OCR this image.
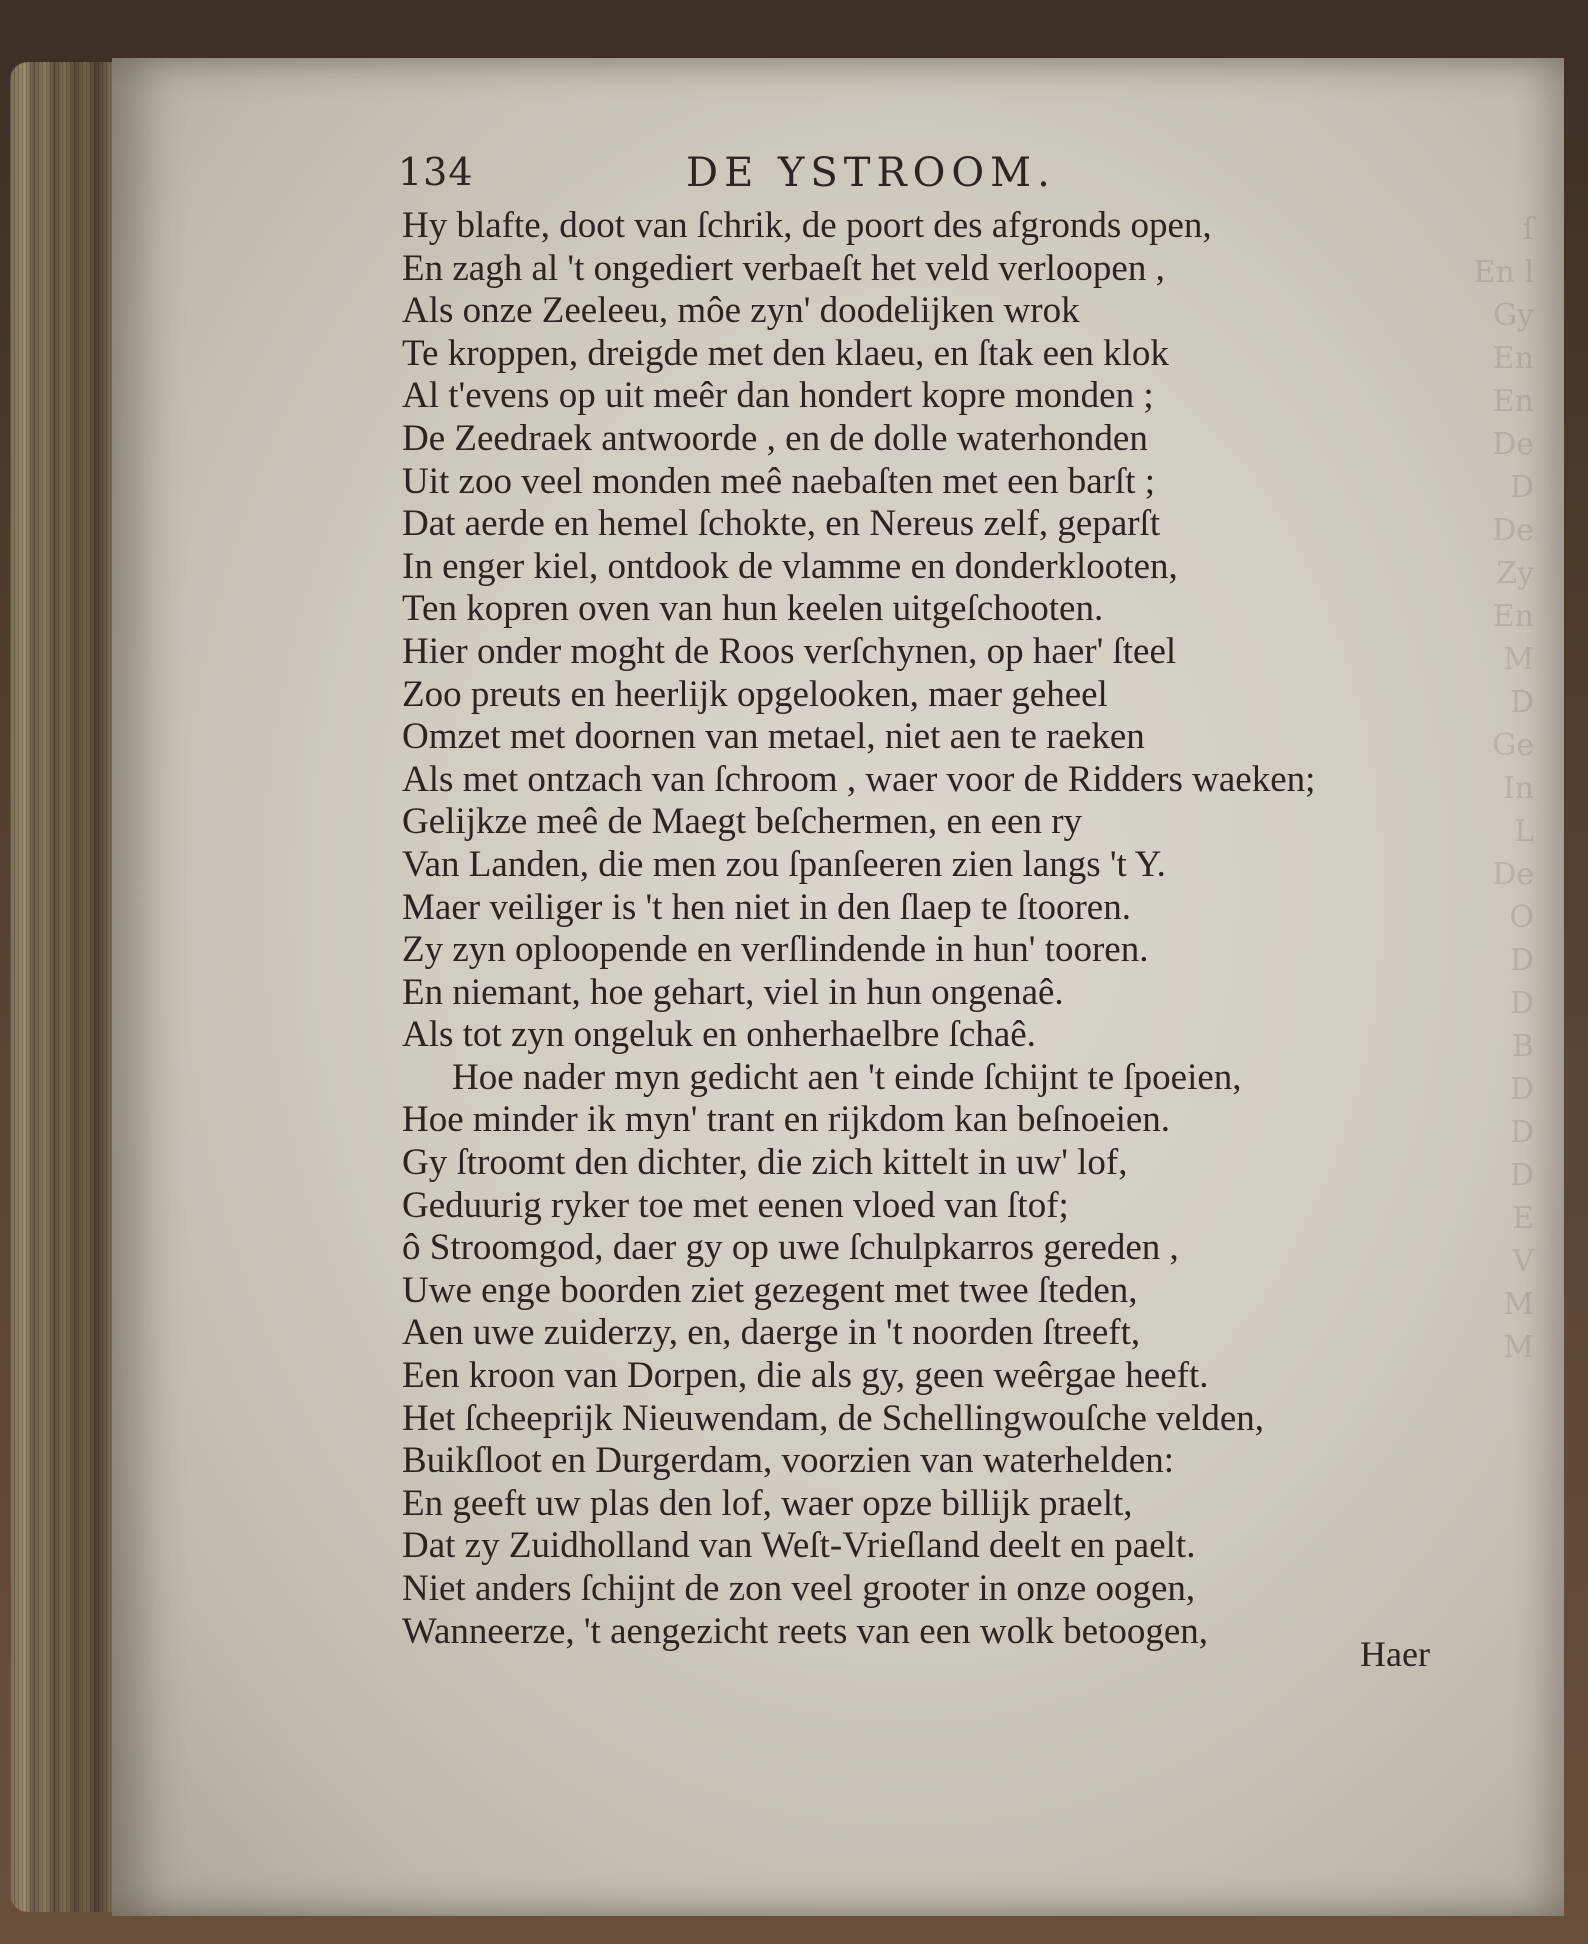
ſ
En l
Gy
En
En
De
D
De
Zy
En
M
D
Ge
In
L
De
O
D
D
B
D
D
D
E
V
M
M
134	DE YSTROOM.
Hy blafte, doot van ſchrik, de poort des afgronds open,
En zagh al 't ongediert verbaeſt het veld verloopen ,
Als onze Zeeleeu, môe zyn' doodelijken wrok
Te kroppen, dreigde met den klaeu, en ſtak een klok
Al t'evens op uit meêr dan hondert kopre monden ;
De Zeedraek antwoorde , en de dolle waterhonden
Uit zoo veel monden meê naebaſten met een barſt ;
Dat aerde en hemel ſchokte, en Nereus zelf, geparſt
In enger kiel, ontdook de vlamme en donderklooten,
Ten kopren oven van hun keelen uitgeſchooten.
Hier onder moght de Roos verſchynen, op haer' ſteel
Zoo preuts en heerlijk opgelooken, maer geheel
Omzet met doornen van metael, niet aen te raeken
Als met ontzach van ſchroom , waer voor de Ridders waeken;
Gelijkze meê de Maegt beſchermen, en een ry
Van Landen, die men zou ſpanſeeren zien langs 't Y.
Maer veiliger is 't hen niet in den ſlaep te ſtooren.
Zy zyn oploopende en verſlindende in hun' tooren.
En niemant, hoe gehart, viel in hun ongenaê.
Als tot zyn ongeluk en onherhaelbre ſchaê.
Hoe nader myn gedicht aen 't einde ſchijnt te ſpoeien,
Hoe minder ik myn' trant en rijkdom kan beſnoeien.
Gy ſtroomt den dichter, die zich kittelt in uw' lof,
Geduurig ryker toe met eenen vloed van ſtof;
ô Stroomgod, daer gy op uwe ſchulpkarros gereden ,
Uwe enge boorden ziet gezegent met twee ſteden,
Aen uwe zuiderzy, en, daerge in 't noorden ſtreeft,
Een kroon van Dorpen, die als gy, geen weêrgae heeft.
Het ſcheeprijk Nieuwendam, de Schellingwouſche velden,
Buikſloot en Durgerdam, voorzien van waterhelden:
En geeft uw plas den lof, waer opze billijk praelt,
Dat zy Zuidholland van Weſt-Vrieſland deelt en paelt.
Niet anders ſchijnt de zon veel grooter in onze oogen,
Wanneerze, 't aengezicht reets van een wolk betoogen,
Haer
